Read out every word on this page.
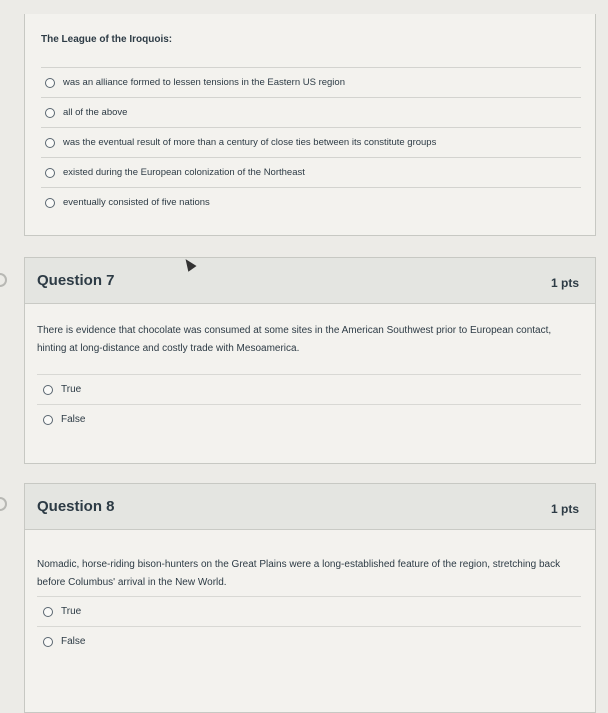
The League of the Iroquois:
was an alliance formed to lessen tensions in the Eastern US region
all of the above
was the eventual result of more than a century of close ties between its constitute groups
existed during the European colonization of the Northeast
eventually consisted of five nations
Question 7	1 pts
There is evidence that chocolate was consumed at some sites in the American Southwest prior to European contact, hinting at long-distance and costly trade with Mesoamerica.
True
False
Question 8	1 pts
Nomadic, horse-riding bison-hunters on the Great Plains were a long-established feature of the region, stretching back before Columbus' arrival in the New World.
True
False
